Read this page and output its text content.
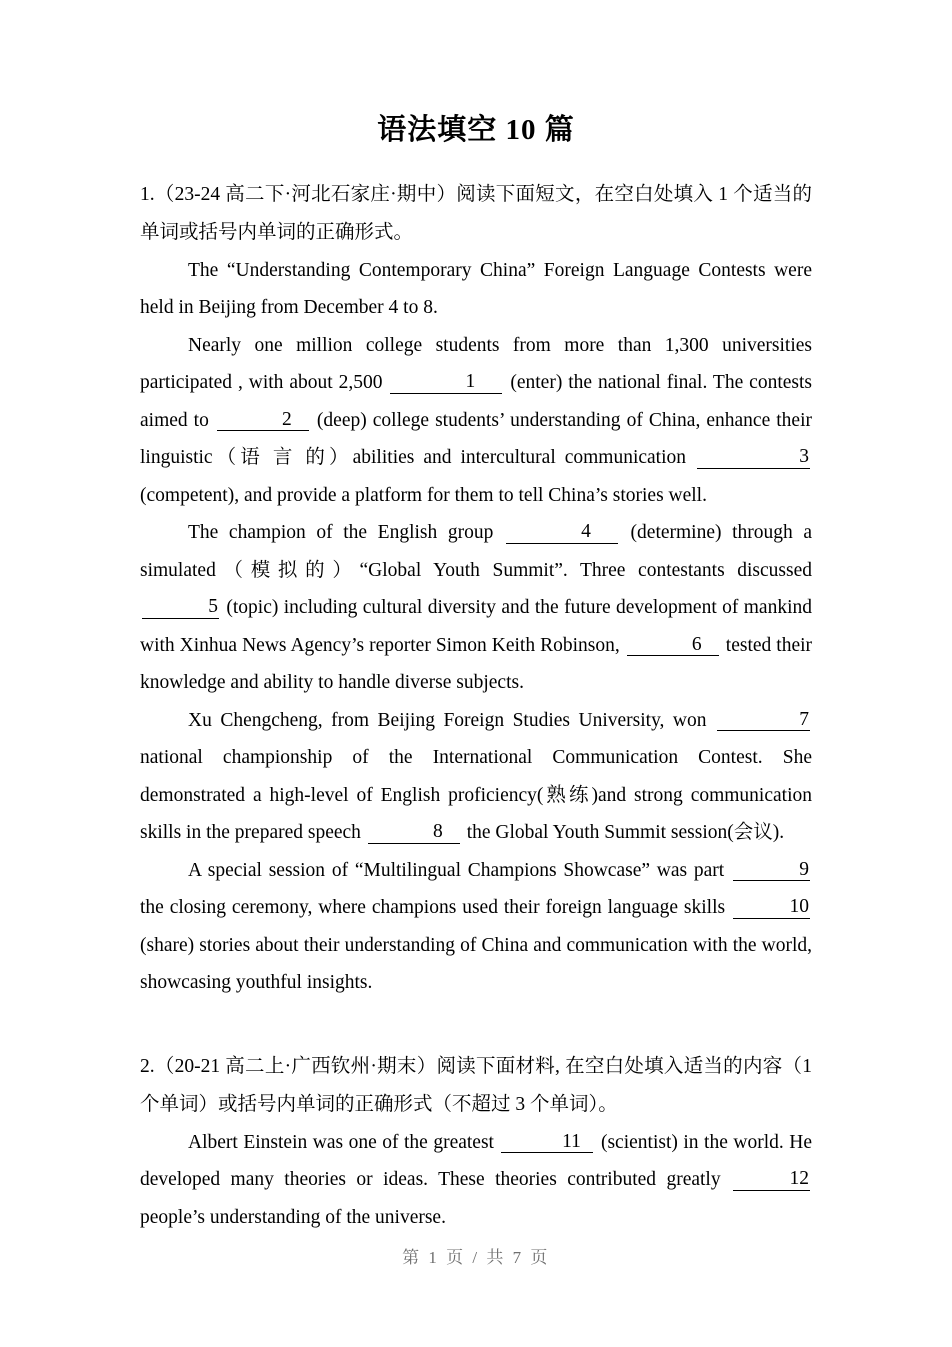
语法填空 10 篇

1.（23-24 高二下·河北石家庄·期中）阅读下面短文，在空白处填入 1 个适当的单词或括号内单词的正确形式。

The “Understanding Contemporary China” Foreign Language Contests were held in Beijing from December 4 to 8.

Nearly one million college students from more than 1,300 universities participated , with about 2,500	1 (enter) the national final. The contests aimed to	2 (deep) college students’ understanding of China, enhance their linguistic（语 言 的）abilities and intercultural communication	3 (competent), and provide a platform for them to tell China’s stories well.

The champion of the English group	4 (determine) through a simulated（模拟的）“Global Youth Summit”. Three contestants discussed 5 (topic) including cultural diversity and the future development of mankind with Xinhua News Agency’s reporter Simon Keith Robinson,	6 tested their knowledge and ability to handle diverse subjects.

Xu Chengcheng, from Beijing Foreign Studies University, won	7 national championship of the International Communication Contest. She demonstrated a high-level of English proficiency(熟练)and strong communication skills in the prepared speech	8 the Global Youth Summit session(会议).

A special session of “Multilingual Champions Showcase” was part	9 the closing ceremony, where champions used their foreign language skills	10 (share) stories about their understanding of China and communication with the world, showcasing youthful insights.

2.（20-21 高二上·广西钦州·期末）阅读下面材料, 在空白处填入适当的内容（1 个单词）或括号内单词的正确形式（不超过 3 个单词）。

Albert Einstein was one of the greatest	11 (scientist) in the world. He developed many theories or ideas. These theories contributed greatly	12 people’s understanding of the universe.

第 1 页 / 共 7 页
